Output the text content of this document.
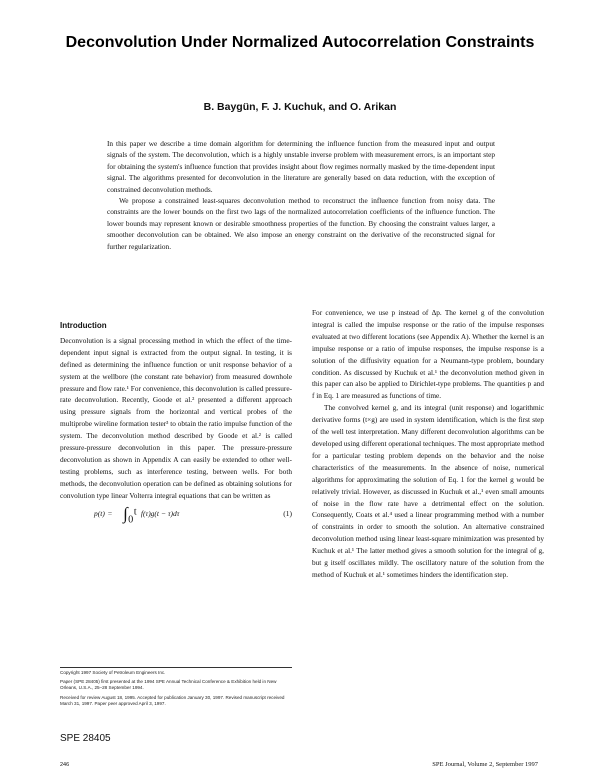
Deconvolution Under Normalized Autocorrelation Constraints
B. Baygün, F. J. Kuchuk, and O. Arikan

In this paper we describe a time domain algorithm for determining the influence function from the measured input and output signals of the system. The deconvolution, which is a highly unstable inverse problem with measurement errors, is an important step for obtaining the system's influence function that provides insight about flow regimes normally masked by the time-dependent input signal. The algorithms presented for deconvolution in the literature are generally based on data reduction, with the exception of constrained deconvolution methods.

We propose a constrained least-squares deconvolution method to reconstruct the influence function from noisy data. The constraints are the lower bounds on the first two lags of the normalized autocorrelation coefficients of the influence function. The lower bounds may represent known or desirable smoothness properties of the function. By choosing the constraint values larger, a smoother deconvolution can be obtained. We also impose an energy constraint on the derivative of the reconstructed signal for further regularization.

Introduction

Deconvolution is a signal processing method in which the effect of the time-dependent input signal is extracted from the output signal. In testing, it is defined as determining the influence function or unit response behavior of a system at the wellbore (the constant rate behavior) from measured downhole pressure and flow rate.¹ For convenience, this deconvolution is called pressure-rate deconvolution. Recently, Goode et al.² presented a different approach using pressure signals from the horizontal and vertical probes of the multiprobe wireline formation tester³ to obtain the ratio impulse function of the system. The deconvolution method described by Goode et al.² is called pressure-pressure deconvolution in this paper. The pressure-pressure deconvolution as shown in Appendix A can easily be extended to other well-testing problems, such as interference testing, between wells. For both methods, the deconvolution operation can be defined as obtaining solutions for convolution type linear Volterra integral equations that can be written as

p(t) = ∫₀ᵗ f(τ)g(t − τ)dτ	(1)

For convenience, we use p instead of Δp. The kernel g of the convolution integral is called the impulse response or the ratio of the impulse responses evaluated at two different locations (see Appendix A). Whether the kernel is an impulse response or a ratio of impulse responses, the impulse response is a solution of the diffusivity equation for a Neumann-type problem, boundary condition. As discussed by Kuchuk et al.¹ the deconvolution method given in this paper can also be applied to Dirichlet-type problems. The quantities p and f in Eq. 1 are measured as functions of time.

The convolved kernel g, and its integral (unit response) and logarithmic derivative forms (t×g) are used in system identification, which is the first step of the well test interpretation. Many different deconvolution algorithms can be developed using different operational techniques. The most appropriate method for a particular testing problem depends on the behavior and the noise characteristics of the measurements. In the absence of noise, numerical algorithms for approximating the solution of Eq. 1 for the kernel g would be relatively trivial. However, as discussed in Kuchuk et al.,¹ even small amounts of noise in the flow rate have a detrimental effect on the solution. Consequently, Coats et al.⁴ used a linear programming method with a number of constraints in order to smooth the solution. An alternative constrained deconvolution method using linear least-square minimization was presented by Kuchuk et al.¹ The latter method gives a smooth solution for the integral of g, but g itself oscillates mildly. The oscillatory nature of the solution from the method of Kuchuk et al.¹ sometimes hinders the identification step.

Copyright 1997 Society of Petroleum Engineers Inc.

Paper (SPE 28405) first presented at the 1994 SPE Annual Technical Conference & Exhibition held in New Orleans, U.S.A., 25–28 September 1994.

Received for review August 18, 1995. Accepted for publication January 30, 1997. Revised manuscript received March 31, 1997. Paper peer approved April 3, 1997.

SPE 28405
246	SPE Journal, Volume 2, September 1997
